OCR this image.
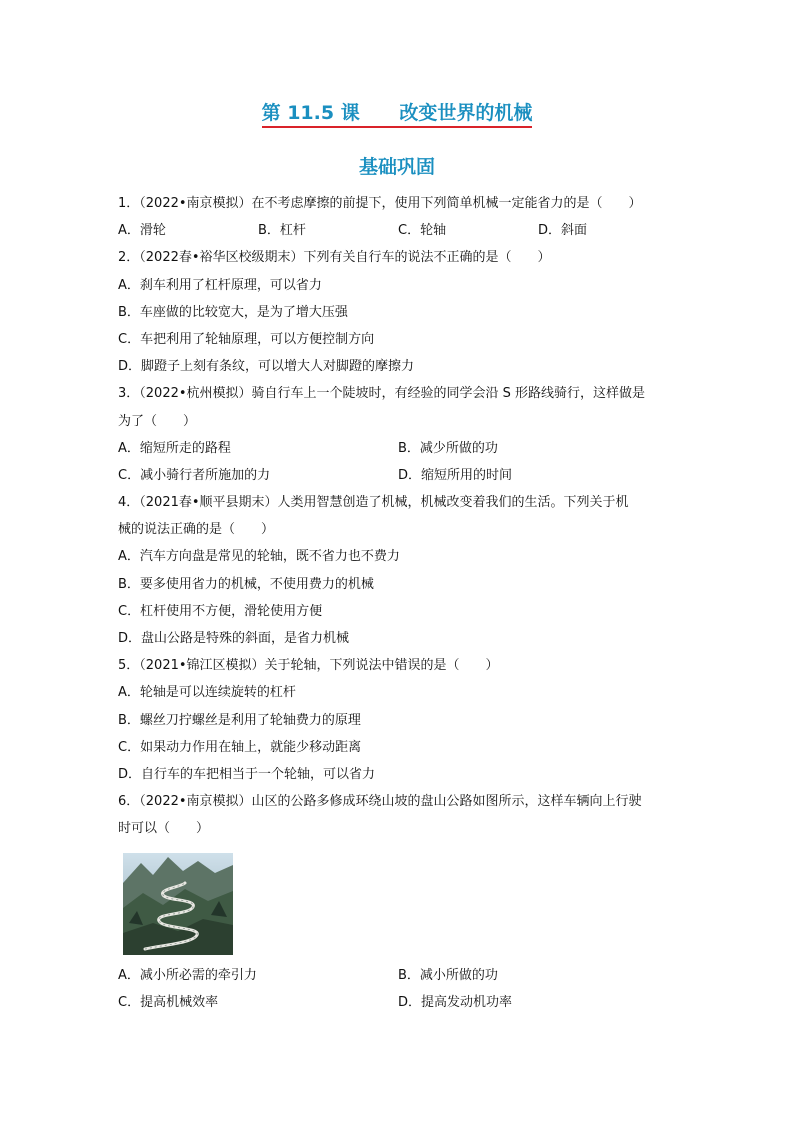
第 11.5 课      改变世界的机械
基础巩固
1．（2022•南京模拟）在不考虑摩擦的前提下，使用下列简单机械一定能省力的是（　　）
A．滑轮	B．杠杆	C．轮轴	D．斜面
2．（2022春•裕华区校级期末）下列有关自行车的说法不正确的是（　　）
A．刹车利用了杠杆原理，可以省力
B．车座做的比较宽大，是为了增大压强
C．车把利用了轮轴原理，可以方便控制方向
D．脚蹬子上刻有条纹，可以增大人对脚蹬的摩擦力
3．（2022•杭州模拟）骑自行车上一个陡坡时，有经验的同学会沿 S 形路线骑行，这样做是
为了（　　）
A．缩短所走的路程	B．减少所做的功
C．减小骑行者所施加的力	D．缩短所用的时间
4．（2021春•顺平县期末）人类用智慧创造了机械，机械改变着我们的生活。下列关于机
械的说法正确的是（　　）
A．汽车方向盘是常见的轮轴，既不省力也不费力
B．要多使用省力的机械，不使用费力的机械
C．杠杆使用不方便，滑轮使用方便
D．盘山公路是特殊的斜面，是省力机械
5．（2021•锦江区模拟）关于轮轴，下列说法中错误的是（　　）
A．轮轴是可以连续旋转的杠杆
B．螺丝刀拧螺丝是利用了轮轴费力的原理
C．如果动力作用在轴上，就能少移动距离
D．自行车的车把相当于一个轮轴，可以省力
6．（2022•南京模拟）山区的公路多修成环绕山坡的盘山公路如图所示，这样车辆向上行驶
时可以（　　）
A．减小所必需的牵引力	B．减小所做的功
C．提高机械效率	D．提高发动机功率
